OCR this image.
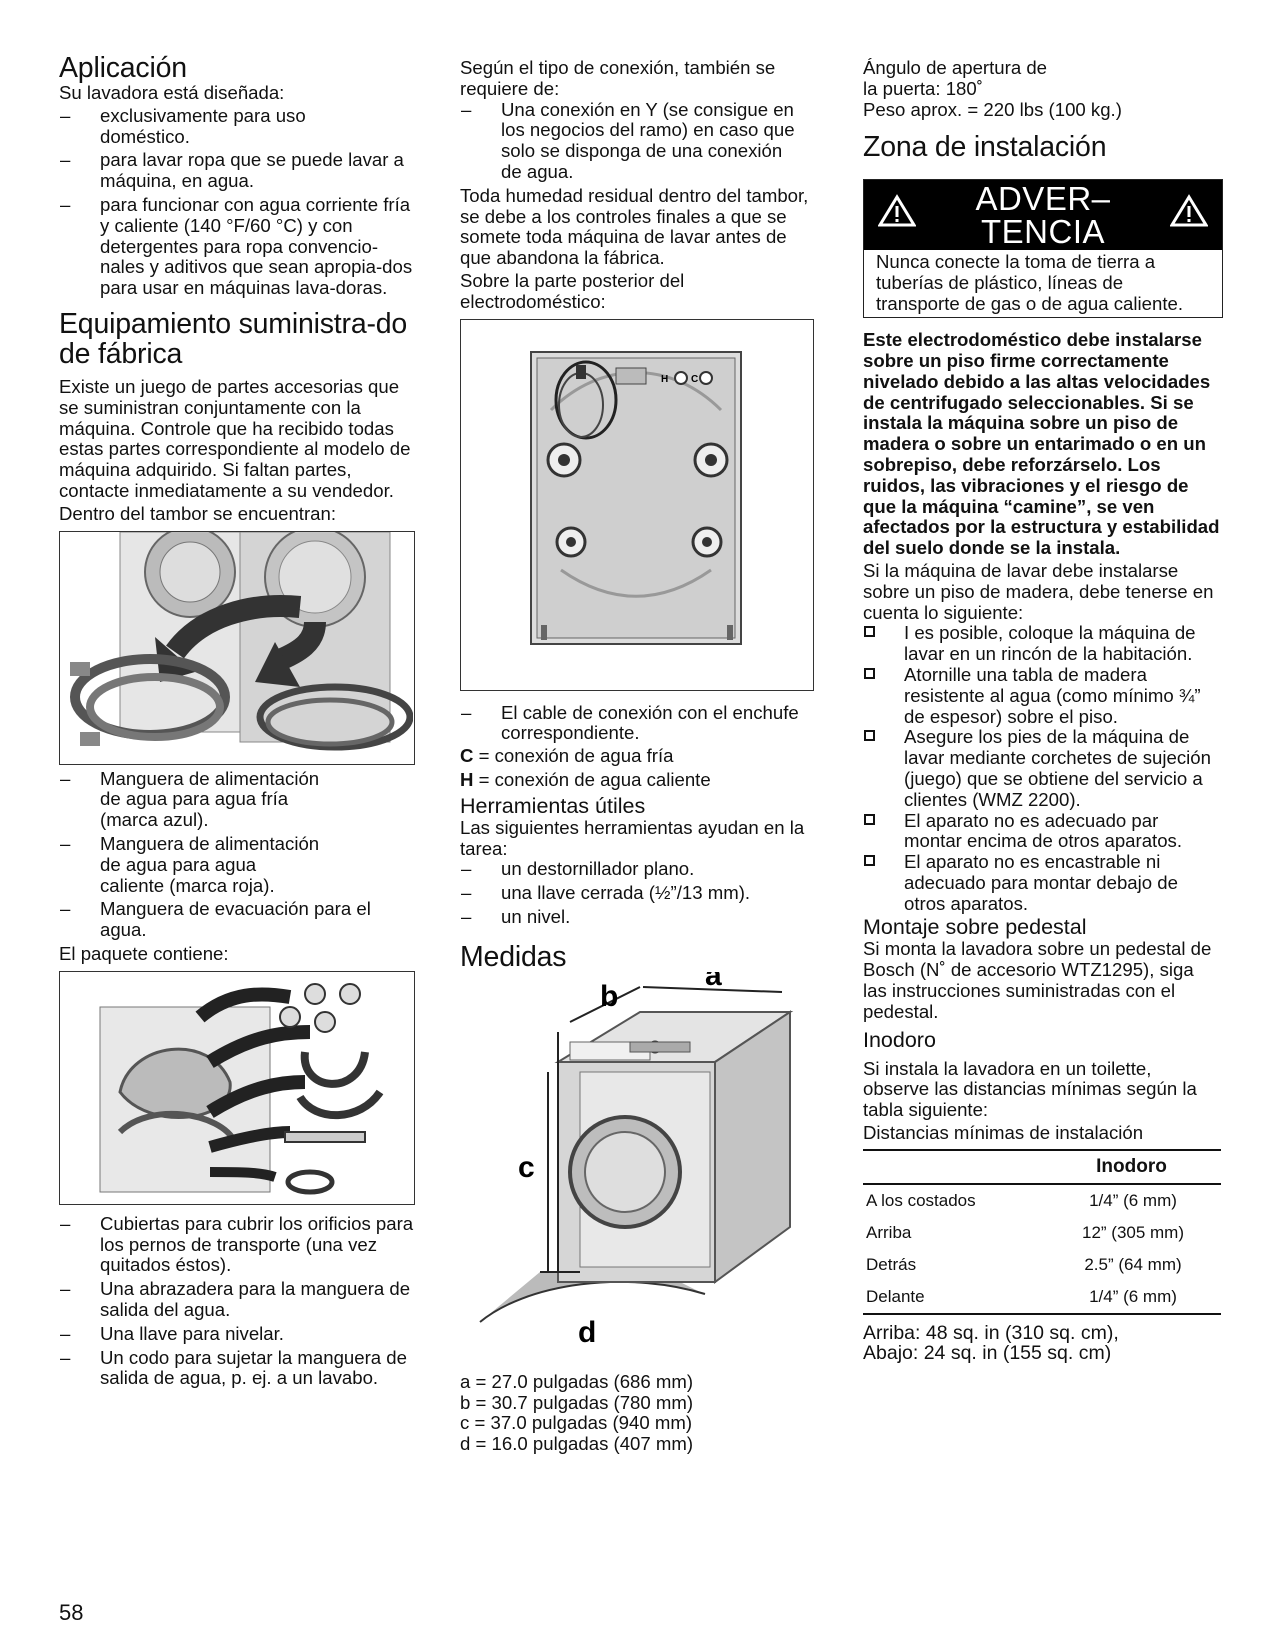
Aplicación

Su lavadora está diseñada:

– exclusivamente para uso doméstico.
– para lavar ropa que se puede lavar a máquina, en agua.
– para funcionar con agua corriente fría y caliente (140 °F/60 °C) y con detergentes para ropa convencio-nales y aditivos que sean apropia-dos para usar en máquinas lava-doras.
Equipamiento suministra-do de fábrica

Existe un juego de partes accesorias que se suministran conjuntamente con la máquina. Controle que ha recibido todas estas partes correspondiente al modelo de máquina adquirido. Si faltan partes, contacte inmediatamente a su vendedor.

Dentro del tambor se encuentran:

– Manguera de alimentación de agua para agua fría (marca azul).
– Manguera de alimentación de agua para agua caliente (marca roja).
– Manguera de evacuación para el agua.

El paquete contiene:

– Cubiertas para cubrir los orificios para los pernos de transporte (una vez quitados éstos).
– Una abrazadera para la manguera de salida del agua.
– Una llave para nivelar.
– Un codo para sujetar la manguera de salida de agua, p. ej. a un lavabo.

Según el tipo de conexión, también se requiere de:

– Una conexión en Y (se consigue en los negocios del ramo) en caso que solo se disponga de una conexión de agua.

Toda humedad residual dentro del tambor, se debe a los controles finales a que se somete toda máquina de lavar antes de que abandona la fábrica.

Sobre la parte posterior del electrodoméstico:

H C
– El cable de conexión con el enchufe correspondiente.

C = conexión de agua fría

H = conexión de agua caliente

Herramientas útiles

Las siguientes herramientas ayudan en la tarea:

– un destornillador plano.
– una llave cerrada (½”/13 mm).
– un nivel.
Medidas
a
b
c
d

a = 27.0 pulgadas (686 mm)

b = 30.7 pulgadas (780 mm)

c = 37.0 pulgadas (940 mm)

d = 16.0 pulgadas (407 mm)

Ángulo de apertura de

la puerta: 180˚

Peso aprox. = 220 lbs (100 kg.)

Zona de instalación
ADVER– TENCIA
Nunca conecte la toma de tierra a tuberías de plástico, líneas de transporte de gas o de agua caliente.

Este electrodoméstico debe instalarse sobre un piso firme correctamente nivelado debido a las altas velocidades de centrifugado seleccionables. Si se instala la máquina sobre un piso de madera o sobre un entarimado o en un sobrepiso, debe reforzárselo. Los ruidos, las vibraciones y el riesgo de que la máquina “camine”, se ven afectados por la estructura y estabilidad del suelo donde se la instala.

Si la máquina de lavar debe instalarse sobre un piso de madera, debe tenerse en cuenta lo siguiente:

I es posible, coloque la máquina de lavar en un rincón de la habitación.
Atornille una tabla de madera resistente al agua (como mínimo ¾” de espesor) sobre el piso.
Asegure los pies de la máquina de lavar mediante corchetes de sujeción (juego) que se obtiene del servicio a clientes (WMZ 2200).
El aparato no es adecuado par montar encima de otros aparatos.
El aparato no es encastrable ni adecuado para montar debajo de otros aparatos.
Montaje sobre pedestal

Si monta la lavadora sobre un pedestal de Bosch (N˚ de accesorio WTZ1295), siga las instrucciones suministradas con el pedestal.

Inodoro

Si instala la lavadora en un toilette, observe las distancias mínimas según la tabla siguiente:

Distancias mínimas de instalación

	Inodoro
A los costados	1/4” (6 mm)
Arriba	12” (305 mm)
Detrás	2.5” (64 mm)
Delante	1/4” (6 mm)

Arriba: 48 sq. in (310 sq. cm),

Abajo: 24 sq. in (155 sq. cm)

58
